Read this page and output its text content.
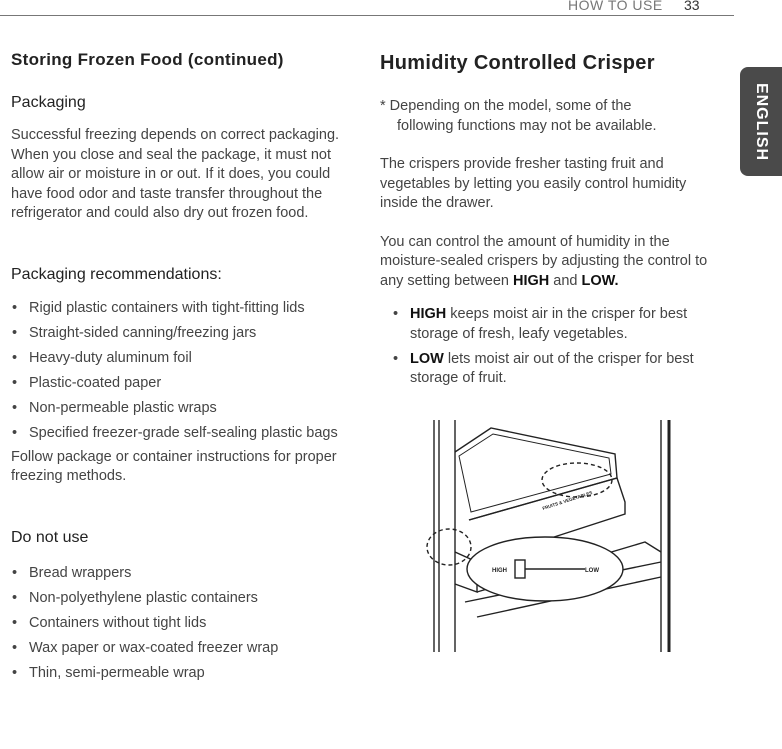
HOW TO USE 33
ENGLISH
Storing Frozen Food (continued)
Packaging

Successful freezing depends on correct packaging. When you close and seal the package, it must not allow air or moisture in or out. If it does, you could have food odor and taste transfer throughout the refrigerator and could also dry out frozen food.

Packaging recommendations:
• Rigid plastic containers with tight-fitting lids
• Straight-sided canning/freezing jars
• Heavy-duty aluminum foil
• Plastic-coated paper
• Non-permeable plastic wraps
• Specified freezer-grade self-sealing plastic bags

Follow package or container instructions for proper freezing methods.

Do not use
• Bread wrappers
• Non-polyethylene plastic containers
• Containers without tight lids
• Wax paper or wax-coated freezer wrap
• Thin, semi-permeable wrap
Humidity Controlled Crisper

* Depending on the model, some of the

following functions may not be available.

The crispers provide fresher tasting fruit and vegetables by letting you easily control humidity inside the drawer.

You can control the amount of humidity in the moisture-sealed crispers by adjusting the control to any setting between HIGH and LOW.

• HIGH keeps moist air in the crisper for best storage of fresh, leafy vegetables.
• LOW lets moist air out of the crisper for best storage of fruit.
FRUITS & VEGETABLES
HIGH	LOW
